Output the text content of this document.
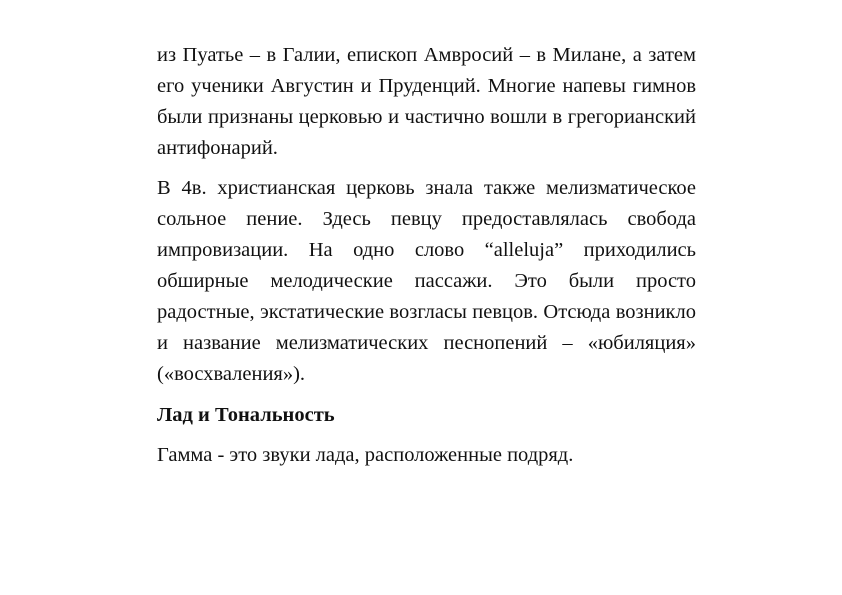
из Пуатье – в Галии, епископ Амвросий – в Милане, а затем его ученики Августин и Пруденций. Многие напевы гимнов были признаны церковью и частично вошли в грегорианский антифонарий.

В 4в. христианская церковь знала также мелизматическое сольное пение. Здесь певцу предоставлялась свобода импровизации. На одно слово “alleluja” приходились обширные мелодические пассажи. Это были просто радостные, экстатические возгласы певцов. Отсюда возникло и название мелизматических песнопений – «юбиляция» («восхваления»).

Лад и Тональность

Гамма - это звуки лада, расположенные подряд.
